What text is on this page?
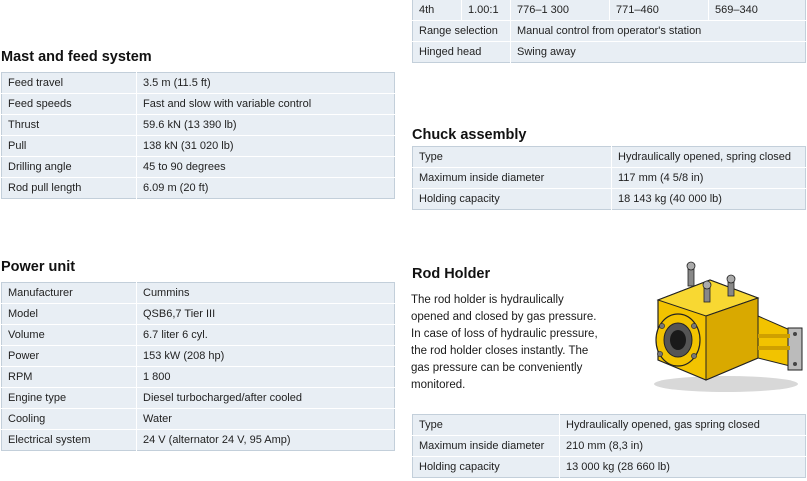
4th	1.00:1	776–1 300	771–460	569–340
Range selection		Manual control from operator's station		
Hinged head		Swing away		
Mast and feed system
Feed travel	3.5 m (11.5 ft)
Feed speeds	Fast and slow with variable control
Thrust	59.6 kN (13 390 lb)
Pull	138 kN (31 020 lb)
Drilling angle	45 to 90 degrees
Rod pull length	6.09 m (20 ft)
Chuck assembly
Type	Hydraulically opened, spring closed
Maximum inside diameter	117 mm (4 5/8 in)
Holding capacity	18 143 kg (40 000 lb)
Power unit
Manufacturer	Cummins
Model	QSB6,7 Tier III
Volume	6.7 liter 6 cyl.
Power	153 kW (208 hp)
RPM	1 800
Engine type	Diesel turbocharged/after cooled
Cooling	Water
Electrical system	24 V (alternator 24 V, 95 Amp)
Rod Holder
The rod holder is hydraulically
opened and closed by gas pressure.
In case of loss of hydraulic pressure,
the rod holder closes instantly. The
gas pressure can be conveniently
monitored.
Type	Hydraulically opened, gas spring closed
Maximum inside diameter	210 mm (8,3 in)
Holding capacity	13 000 kg (28 660 lb)
